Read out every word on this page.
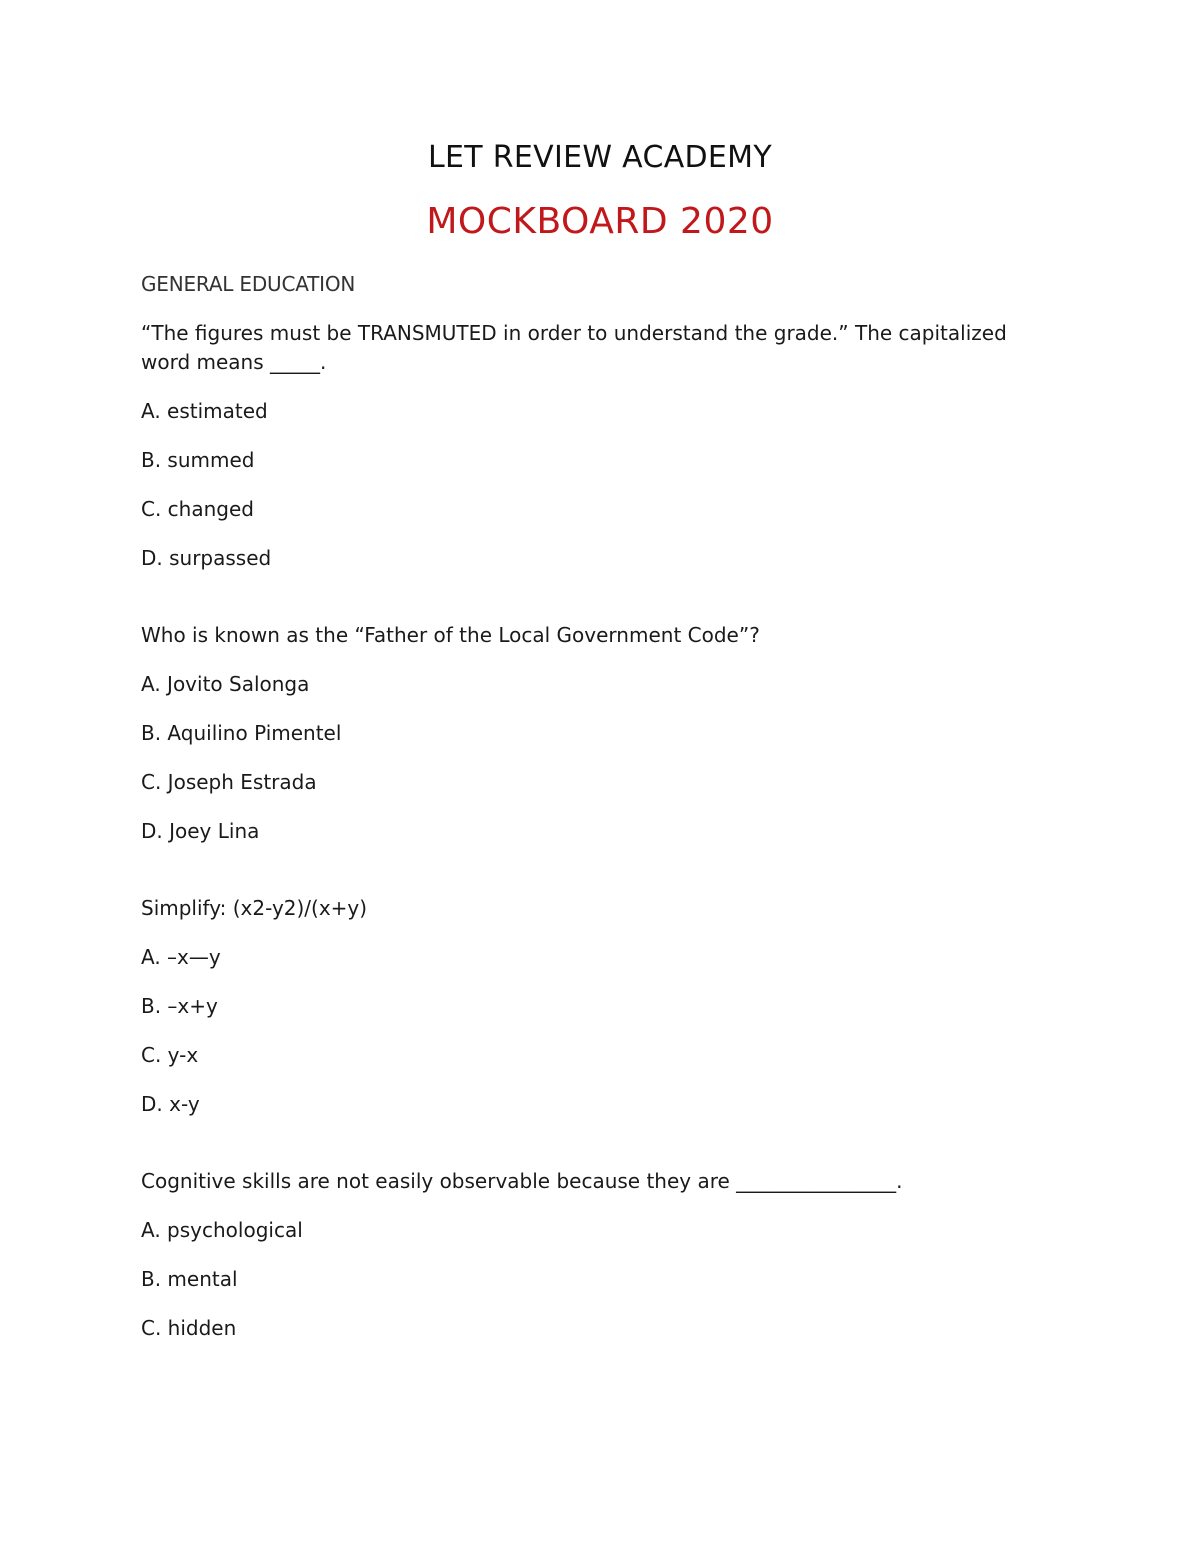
LET REVIEW ACADEMY
MOCKBOARD 2020
GENERAL EDUCATION
“The figures must be TRANSMUTED in order to understand the grade.” The capitalized word means _____.
A. estimated
B. summed
C. changed
D. surpassed
Who is known as the “Father of the Local Government Code”?
A. Jovito Salonga
B. Aquilino Pimentel
C. Joseph Estrada
D. Joey Lina
Simplify: (x2-y2)/(x+y)
A. –x—y
B. –x+y
C. y-x
D. x-y
Cognitive skills are not easily observable because they are ________________.
A. psychological
B. mental
C. hidden
